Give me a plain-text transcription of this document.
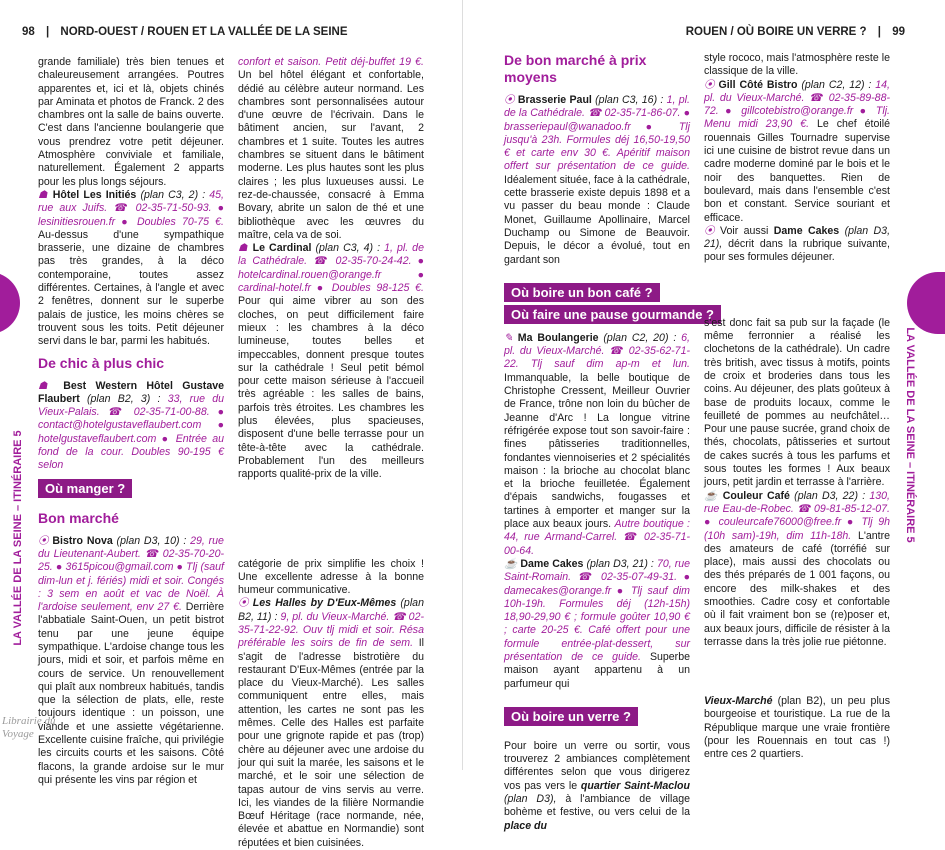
98 | NORD-OUEST / ROUEN ET LA VALLÉE DE LA SEINE
LA VALLÉE DE LA SEINE – ITINÉRAIRE 5

grande familiale) très bien tenues et chaleureusement arrangées. Poutres apparentes et, ici et là, objets chinés par Aminata et photos de Franck. 2 des chambres ont la salle de bains ouverte. C'est dans l'ancienne boulangerie que vous prendrez votre petit déjeuner. Atmosphère conviviale et familiale, naturellement. Également 2 apparts pour les plus longs séjours.

☗ Hôtel Les Initiés (plan C3, 2) : 45, rue aux Juifs. ☎ 02-35-71-50-93. ● lesinitiesrouen.fr ● Doubles 70-75 €. Au-dessus d'une sympathique brasserie, une dizaine de chambres pas très grandes, à la déco contemporaine, toutes assez différentes. Certaines, à l'angle et avec 2 fenêtres, donnent sur le superbe palais de justice, les moins chères se trouvent sous les toits. Petit déjeuner servi dans le bar, parmi les habitués.

De chic à plus chic

☗ Best Western Hôtel Gustave Flaubert (plan B2, 3) : 33, rue du Vieux-Palais. ☎ 02-35-71-00-88. ● contact@hotelgustaveflaubert.com ● hotelgustaveflaubert.com ● Entrée au fond de la cour. Doubles 90-195 € selon

Où manger ?
Bon marché

⦿ Bistro Nova (plan D3, 10) : 29, rue du Lieutenant-Aubert. ☎ 02-35-70-20-25. ● 3615picou@gmail.com ● Tlj (sauf dim-lun et j. fériés) midi et soir. Congés : 3 sem en août et vac de Noël. À l'ardoise seulement, env 27 €. Derrière l'abbatiale Saint-Ouen, un petit bistrot tenu par une jeune équipe sympathique. L'ardoise change tous les jours, midi et soir, et parfois même en cours de service. Un renouvellement qui plaît aux nombreux habitués, tandis que la sélection de plats, elle, reste toujours identique : un poisson, une viande et une assiette végétarienne. Excellente cuisine fraîche, qui privilégie les circuits courts et les saisons. Côté flacons, la grande ardoise sur le mur qui présente les vins par région et

confort et saison. Petit déj-buffet 19 €. Un bel hôtel élégant et confortable, dédié au célèbre auteur normand. Les chambres sont personnalisées autour d'une œuvre de l'écrivain. Dans le bâtiment ancien, sur l'avant, 2 chambres et 1 suite. Toutes les autres chambres se situent dans le bâtiment moderne. Les plus hautes sont les plus claires ; les plus luxueuses aussi. Le rez-de-chaussée, consacré à Emma Bovary, abrite un salon de thé et une bibliothèque avec les œuvres du maître, cela va de soi.

☗ Le Cardinal (plan C3, 4) : 1, pl. de la Cathédrale. ☎ 02-35-70-24-42. ● hotelcardinal.rouen@orange.fr ● cardinal-hotel.fr ● Doubles 98-125 €. Pour qui aime vibrer au son des cloches, on peut difficilement faire mieux : les chambres à la déco lumineuse, toutes belles et impeccables, donnent presque toutes sur la cathédrale ! Seul petit bémol pour cette maison sérieuse à l'accueil très agréable : les salles de bains, parfois très étroites. Les chambres les plus élevées, plus spacieuses, disposent d'une belle terrasse pour un tête-à-tête avec la cathédrale. Probablement l'un des meilleurs rapports qualité-prix de la ville.

catégorie de prix simplifie les choix ! Une excellente adresse à la bonne humeur communicative.

⦿ Les Halles by D'Eux-Mêmes (plan B2, 11) : 9, pl. du Vieux-Marché. ☎ 02-35-71-22-92. Ouv tlj midi et soir. Résa préférable les soirs de fin de sem. Il s'agit de l'adresse bistrotière du restaurant D'Eux-Mêmes (entrée par la place du Vieux-Marché). Les salles communiquent entre elles, mais attention, les cartes ne sont pas les mêmes. Celle des Halles est parfaite pour une grignote rapide et pas (trop) chère au déjeuner avec une ardoise du jour qui suit la marée, les saisons et le marché, et le soir une sélection de tapas autour de vins servis au verre. Ici, les viandes de la filière Normandie Bœuf Héritage (race normande, née, élevée et abattue en Normandie) sont réputées et bien cuisinées.

Librairie du Voyage
ROUEN / OÙ BOIRE UN VERRE ? | 99
LA VALLÉE DE LA SEINE – ITINÉRAIRE 5
De bon marché à prix moyens

⦿ Brasserie Paul (plan C3, 16) : 1, pl. de la Cathédrale. ☎ 02-35-71-86-07. ● brasseriepaul@wanadoo.fr ● Tlj jusqu'à 23h. Formules déj 16,50-19,50 € et carte env 30 €. Apéritif maison offert sur présentation de ce guide. Idéalement située, face à la cathédrale, cette brasserie existe depuis 1898 et a vu passer du beau monde : Claude Monet, Guillaume Apollinaire, Marcel Duchamp ou Simone de Beauvoir. Depuis, le décor a évolué, tout en gardant son

Où boire un bon café ?
Où faire une pause gourmande ?

✎ Ma Boulangerie (plan C2, 20) : 6, pl. du Vieux-Marché. ☎ 02-35-62-71-22. Tlj sauf dim ap-m et lun. Immanquable, la belle boutique de Christophe Cressent, Meilleur Ouvrier de France, trône non loin du bûcher de Jeanne d'Arc ! La longue vitrine réfrigérée expose tout son savoir-faire : fines pâtisseries traditionnelles, fondantes viennoiseries et 2 spécialités maison : la brioche au chocolat blanc et la brioche feuilletée. Également d'épais sandwichs, fougasses et tartines à emporter et manger sur la place aux beaux jours. Autre boutique : 44, rue Armand-Carrel. ☎ 02-35-71-00-64.

☕ Dame Cakes (plan D3, 21) : 70, rue Saint-Romain. ☎ 02-35-07-49-31. ● damecakes@orange.fr ● Tlj sauf dim 10h-19h. Formules déj (12h-15h) 18,90-29,90 € ; formule goûter 10,90 € ; carte 20-25 €. Café offert pour une formule entrée-plat-dessert, sur présentation de ce guide. Superbe maison ayant appartenu à un parfumeur qui

Où boire un verre ?

Pour boire un verre ou sortir, vous trouverez 2 ambiances complètement différentes selon que vous dirigerez vos pas vers le quartier Saint-Maclou (plan D3), à l'ambiance de village bohème et festive, ou vers celui de la place du

style rococo, mais l'atmosphère reste le classique de la ville.

⦿ Gill Côté Bistro (plan C2, 12) : 14, pl. du Vieux-Marché. ☎ 02-35-89-88-72. ● gillcotebistro@orange.fr ● Tlj. Menu midi 23,90 €. Le chef étoilé rouennais Gilles Tournadre supervise ici une cuisine de bistrot revue dans un cadre moderne dominé par le bois et le noir des banquettes. Rien de boulevard, mais dans l'ensemble c'est bon et constant. Service souriant et efficace.

⦿ Voir aussi Dame Cakes (plan D3, 21), décrit dans la rubrique suivante, pour ses formules déjeuner.

s'est donc fait sa pub sur la façade (le même ferronnier a réalisé les clochetons de la cathédrale). Un cadre très british, avec tissus à motifs, points de croix et broderies dans tous les coins. Au déjeuner, des plats goûteux à base de produits locaux, comme le feuilleté de pommes au neufchâtel… Pour une pause sucrée, grand choix de thés, chocolats, pâtisseries et surtout de cakes sucrés à tous les parfums et sous toutes les formes ! Aux beaux jours, petit jardin et terrasse à l'arrière.

☕ Couleur Café (plan D3, 22) : 130, rue Eau-de-Robec. ☎ 09-81-85-12-07. ● couleurcafe76000@free.fr ● Tlj 9h (10h sam)-19h, dim 11h-18h. L'antre des amateurs de café (torréfié sur place), mais aussi des chocolats ou des thés préparés de 1 001 façons, ou encore des milk-shakes et des smoothies. Cadre cosy et confortable où il fait vraiment bon se (re)poser et, aux beaux jours, difficile de résister à la terrasse dans la très jolie rue piétonne.

Vieux-Marché (plan B2), un peu plus bourgeoise et touristique. La rue de la République marque une vraie frontière (pour les Rouennais en tout cas !) entre ces 2 quartiers.
